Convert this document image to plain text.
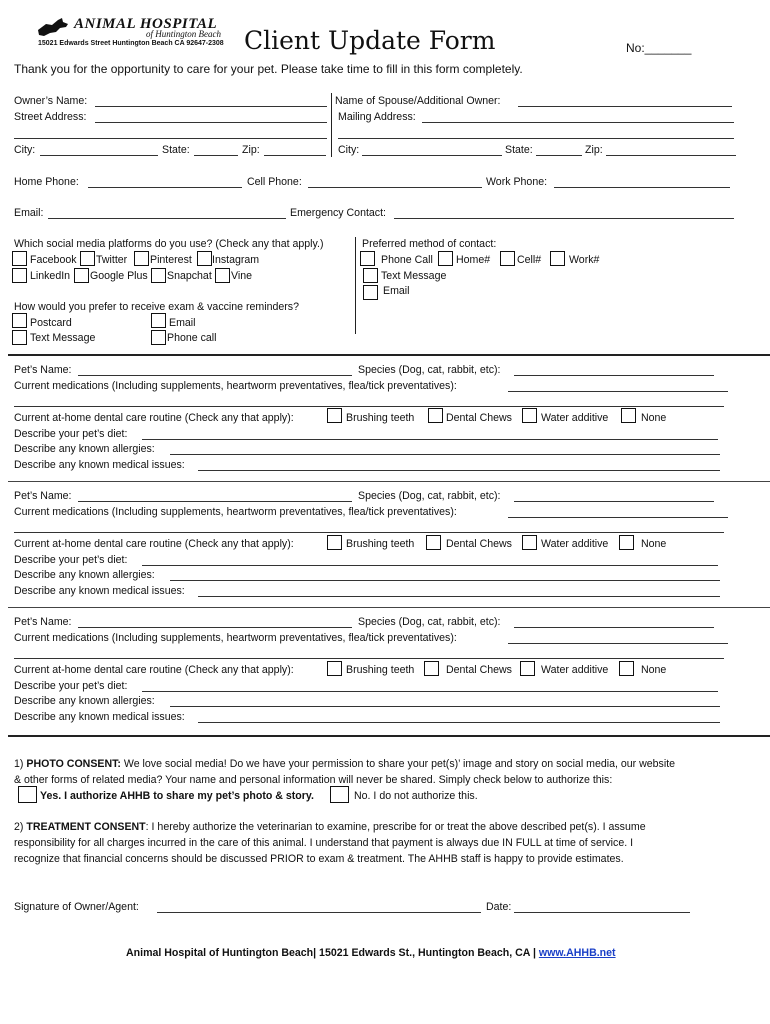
ANIMAL HOSPITAL
of Huntington Beach
15021 Edwards Street Huntington Beach CA 92647-2308 Client Update Form	No:_______
Thank you for the opportunity to care for your pet. Please take time to fill in this form completely.
Owner’s Name:
Street Address:
City:	State:	Zip:
Name of Spouse/Additional Owner:
Mailing Address:
City:	State:	Zip:
Home Phone:	Cell Phone:	Work Phone:
Email:	Emergency Contact:
Which social media platforms do you use? (Check any that apply.)
Facebook Twitter Pinterest Instagram
LinkedIn Google Plus Snapchat Vine
How would you prefer to receive exam & vaccine reminders?
Postcard	Email
Text Message	Phone call
Preferred method of contact:
Phone Call Home#	Cell#	Work#
Text Message
Email
Pet’s Name:	Species (Dog, cat, rabbit, etc):
Current medications (Including supplements, heartworm preventatives, flea/tick preventatives):
Current at-home dental care routine (Check any that apply):	Brushing teeth	Dental Chews	Water additive	None
Describe your pet’s diet:
Describe any known allergies:
Describe any known medical issues:
Pet’s Name:	Species (Dog, cat, rabbit, etc):
Current medications (Including supplements, heartworm preventatives, flea/tick preventatives):
Current at-home dental care routine (Check any that apply):	Brushing teeth	Dental Chews	Water additive	None
Describe your pet’s diet:
Describe any known allergies:
Describe any known medical issues:
Pet’s Name:	Species (Dog, cat, rabbit, etc):
Current medications (Including supplements, heartworm preventatives, flea/tick preventatives):
Current at-home dental care routine (Check any that apply):	Brushing teeth	Dental Chews	Water additive	None
Describe your pet’s diet:
Describe any known allergies:
Describe any known medical issues:
1) PHOTO CONSENT: We love social media! Do we have your permission to share your pet(s)’ image and story on social media, our website
& other forms of related media? Your name and personal information will never be shared. Simply check below to authorize this:
Yes. I authorize AHHB to share my pet’s photo & story.	No. I do not authorize this.
2) TREATMENT CONSENT: I hereby authorize the veterinarian to examine, prescribe for or treat the above described pet(s). I assume
responsibility for all charges incurred in the care of this animal. I understand that payment is always due IN FULL at time of service. I
recognize that financial concerns should be discussed PRIOR to exam & treatment. The AHHB staff is happy to provide estimates.
Signature of Owner/Agent:	Date:
Animal Hospital of Huntington Beach| 15021 Edwards St., Huntington Beach, CA | www.AHHB.net
